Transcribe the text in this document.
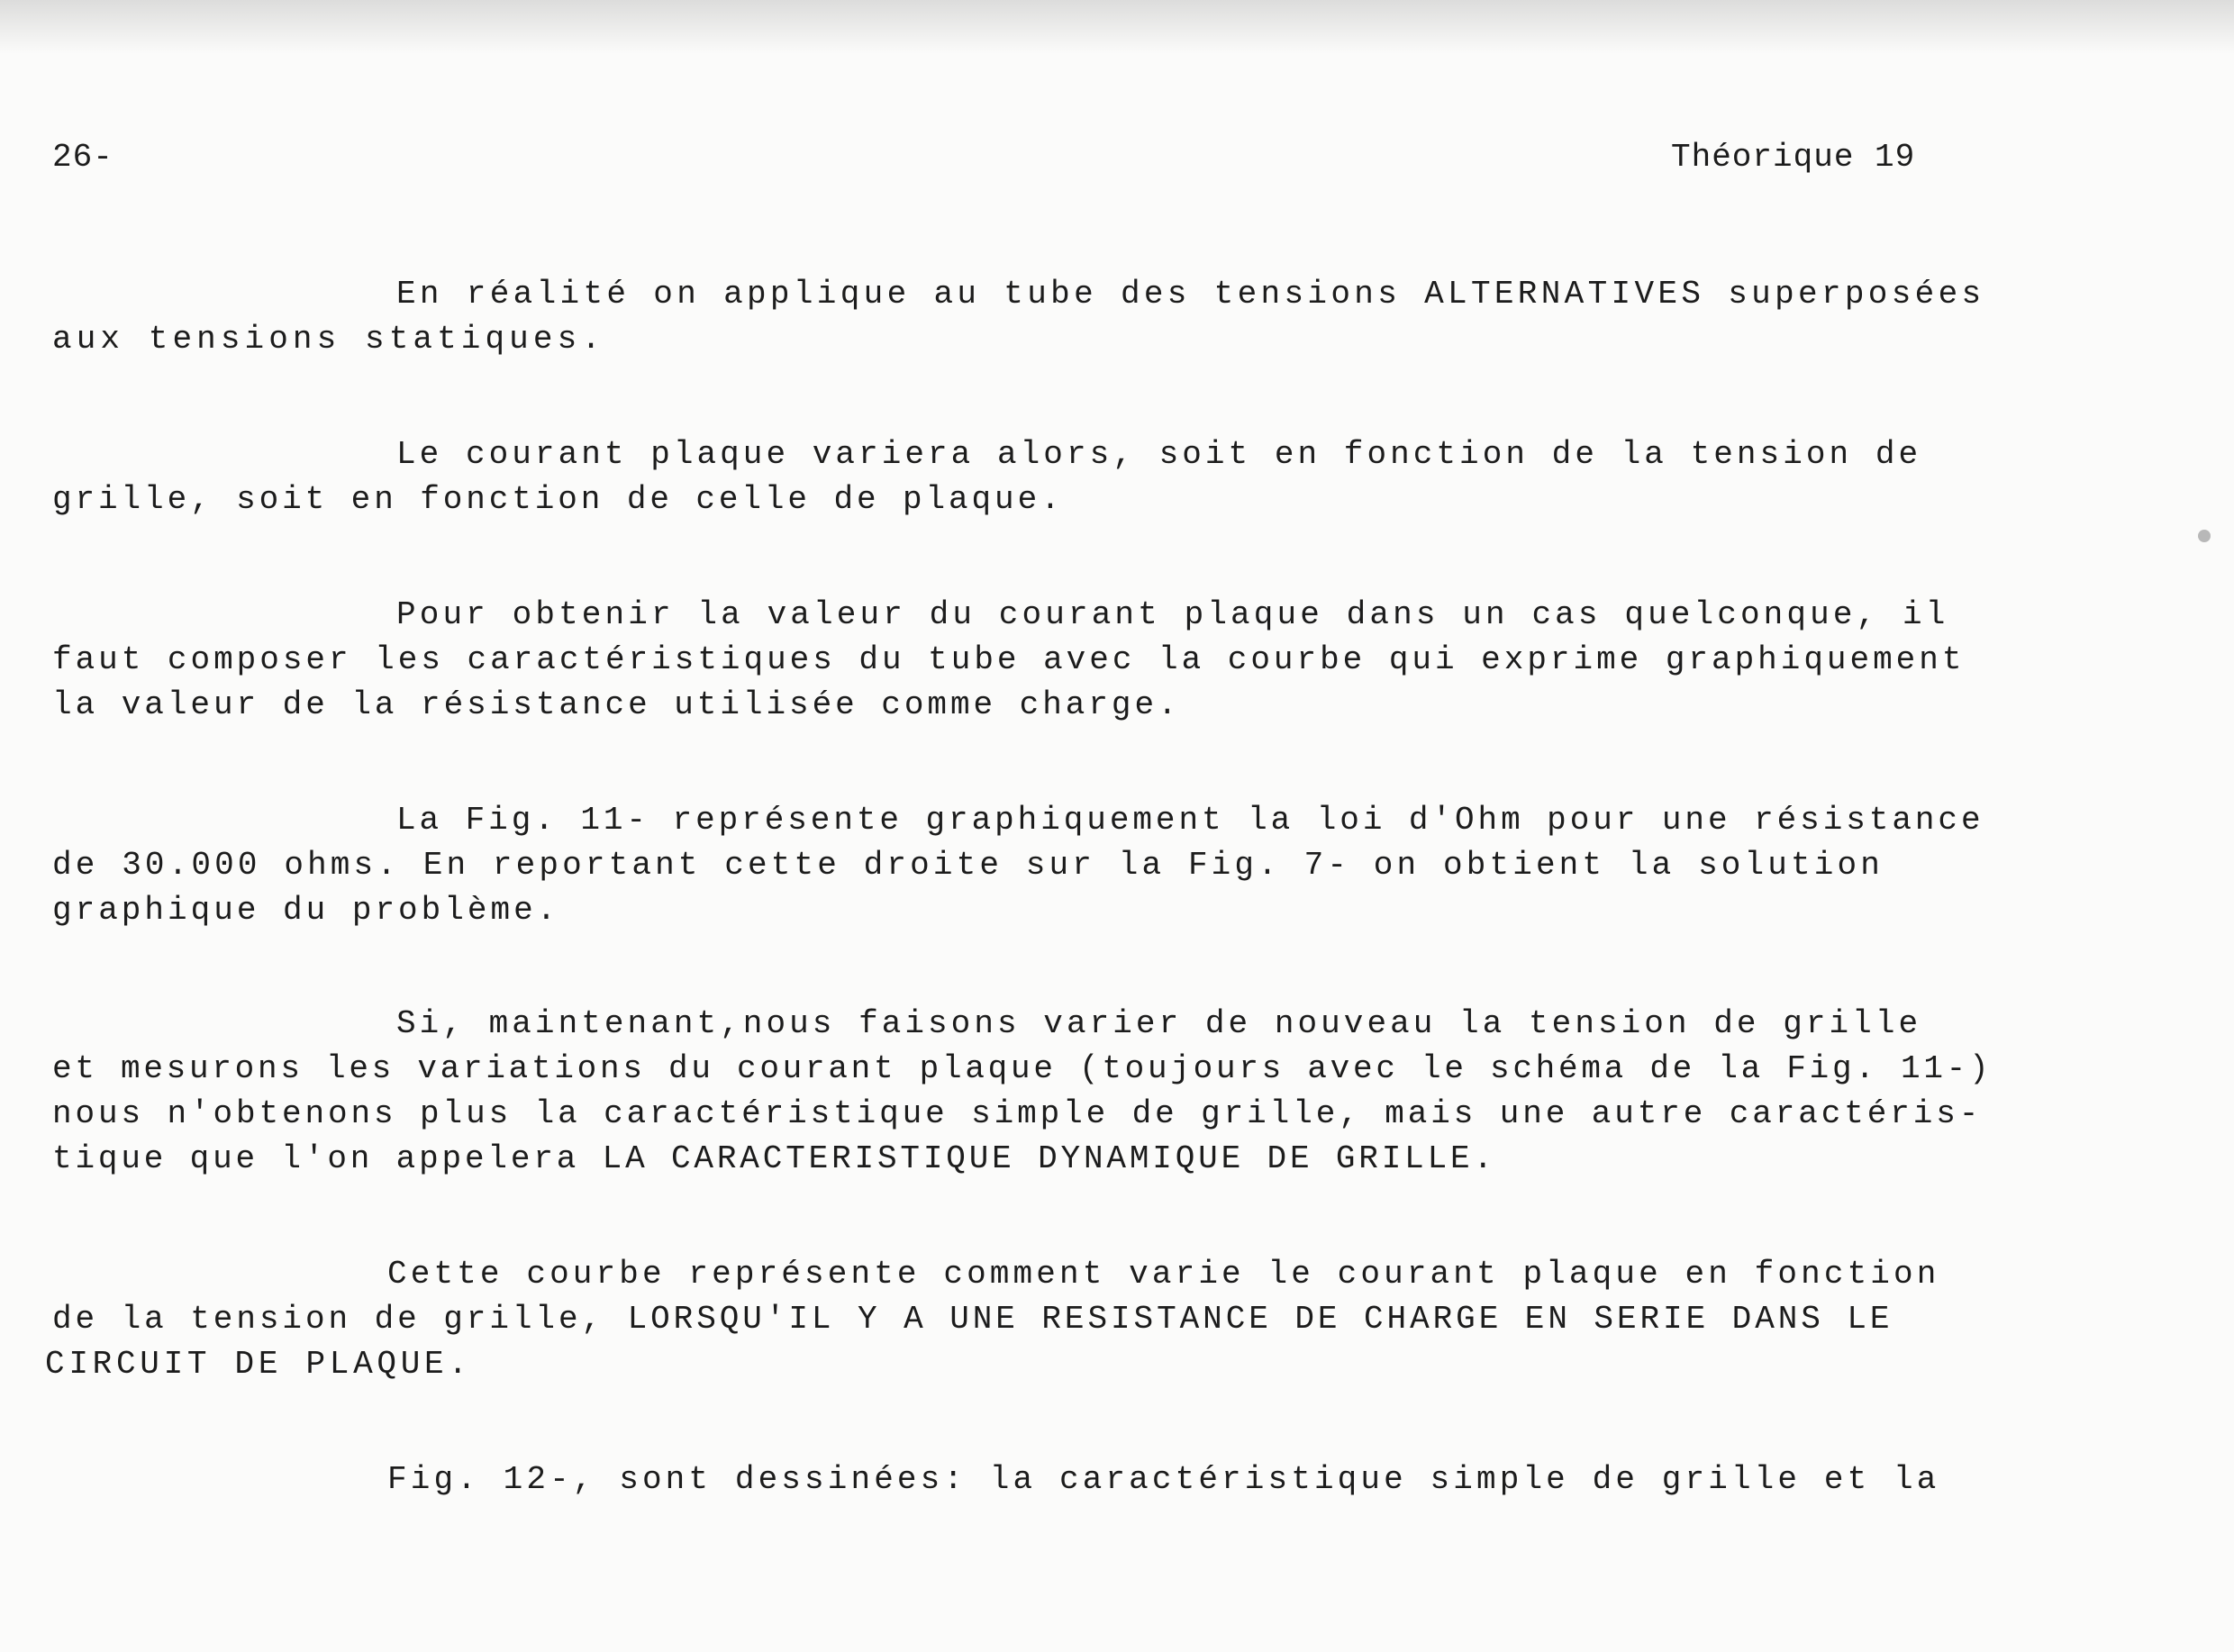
26-	Théorique 19
En réalité on applique au tube des tensions ALTERNATIVES superposées
aux tensions statiques.
Le courant plaque variera alors, soit en fonction de la tension de
grille, soit en fonction de celle de plaque.
Pour obtenir la valeur du courant plaque dans un cas quelconque, il
faut composer les caractéristiques du tube avec la courbe qui exprime graphiquement
la valeur de la résistance utilisée comme charge.
La Fig. 11- représente graphiquement la loi d'Ohm pour une résistance
de 30.000 ohms. En reportant cette droite sur la Fig. 7- on obtient la solution
graphique du problème.
Si, maintenant,nous faisons varier de nouveau la tension de grille
et mesurons les variations du courant plaque (toujours avec le schéma de la Fig. 11-)
nous n'obtenons plus la caractéristique simple de grille, mais une autre caractéris-
tique que l'on appelera LA CARACTERISTIQUE DYNAMIQUE DE GRILLE.
Cette courbe représente comment varie le courant plaque en fonction
de la tension de grille, LORSQU'IL Y A UNE RESISTANCE DE CHARGE EN SERIE DANS LE
CIRCUIT DE PLAQUE.
Fig. 12-, sont dessinées: la caractéristique simple de grille et la
